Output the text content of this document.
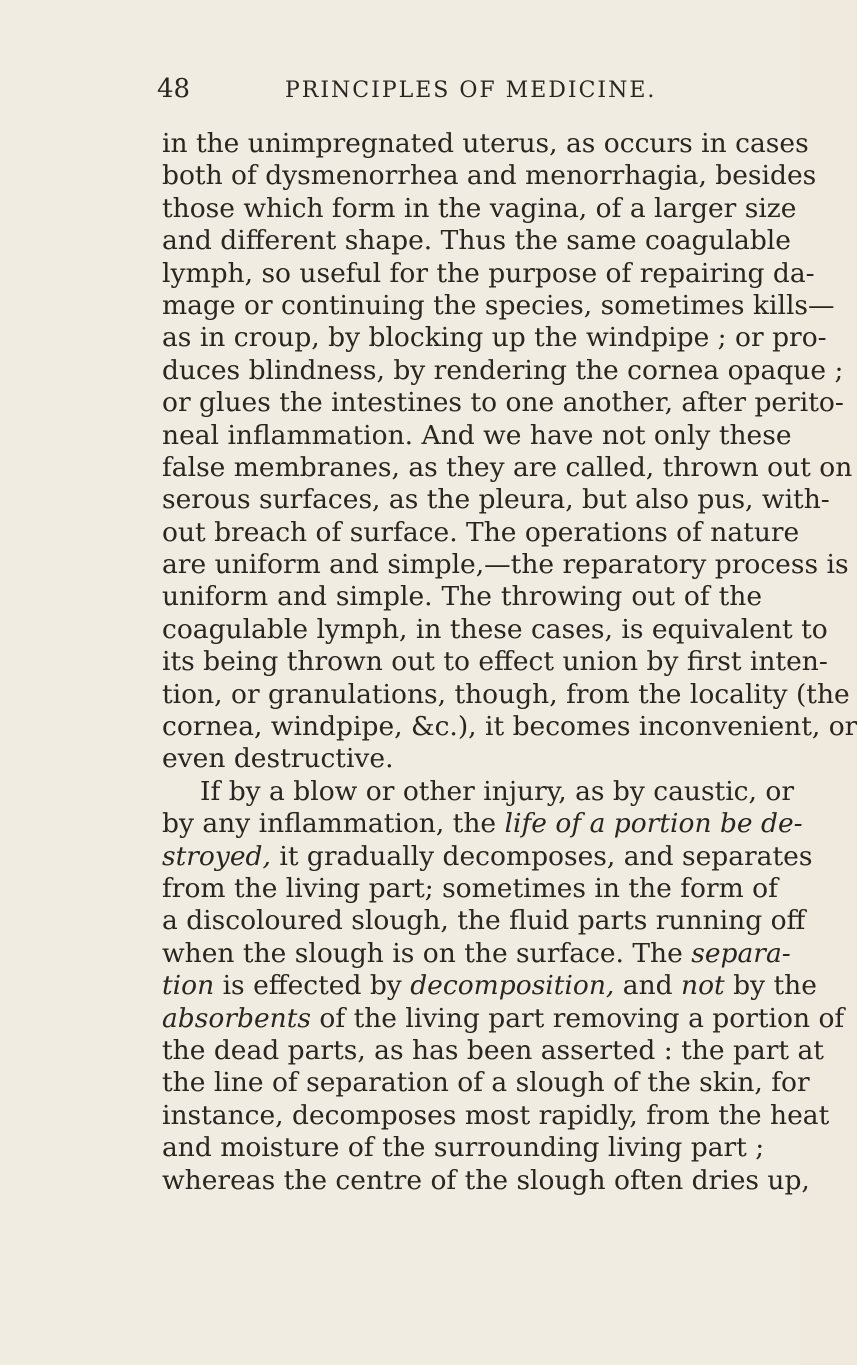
48	PRINCIPLES OF MEDICINE.
in the unimpregnated uterus, as occurs in cases
both of dysmenorrhea and menorrhagia, besides
those which form in the vagina, of a larger size
and different shape. Thus the same coagulable
lymph, so useful for the purpose of repairing da-
mage or continuing the species, sometimes kills—
as in croup, by blocking up the windpipe ; or pro-
duces blindness, by rendering the cornea opaque ;
or glues the intestines to one another, after perito-
neal inflammation. And we have not only these
false membranes, as they are called, thrown out on
serous surfaces, as the pleura, but also pus, with-
out breach of surface. The operations of nature
are uniform and simple,—the reparatory process is
uniform and simple. The throwing out of the
coagulable lymph, in these cases, is equivalent to
its being thrown out to effect union by first inten-
tion, or granulations, though, from the locality (the
cornea, windpipe, &c.), it becomes inconvenient, or
even destructive.
If by a blow or other injury, as by caustic, or
by any inflammation, the life of a portion be de-
stroyed, it gradually decomposes, and separates
from the living part; sometimes in the form of
a discoloured slough, the fluid parts running off
when the slough is on the surface. The separa-
tion is effected by decomposition, and not by the
absorbents of the living part removing a portion of
the dead parts, as has been asserted : the part at
the line of separation of a slough of the skin, for
instance, decomposes most rapidly, from the heat
and moisture of the surrounding living part ;
whereas the centre of the slough often dries up,
